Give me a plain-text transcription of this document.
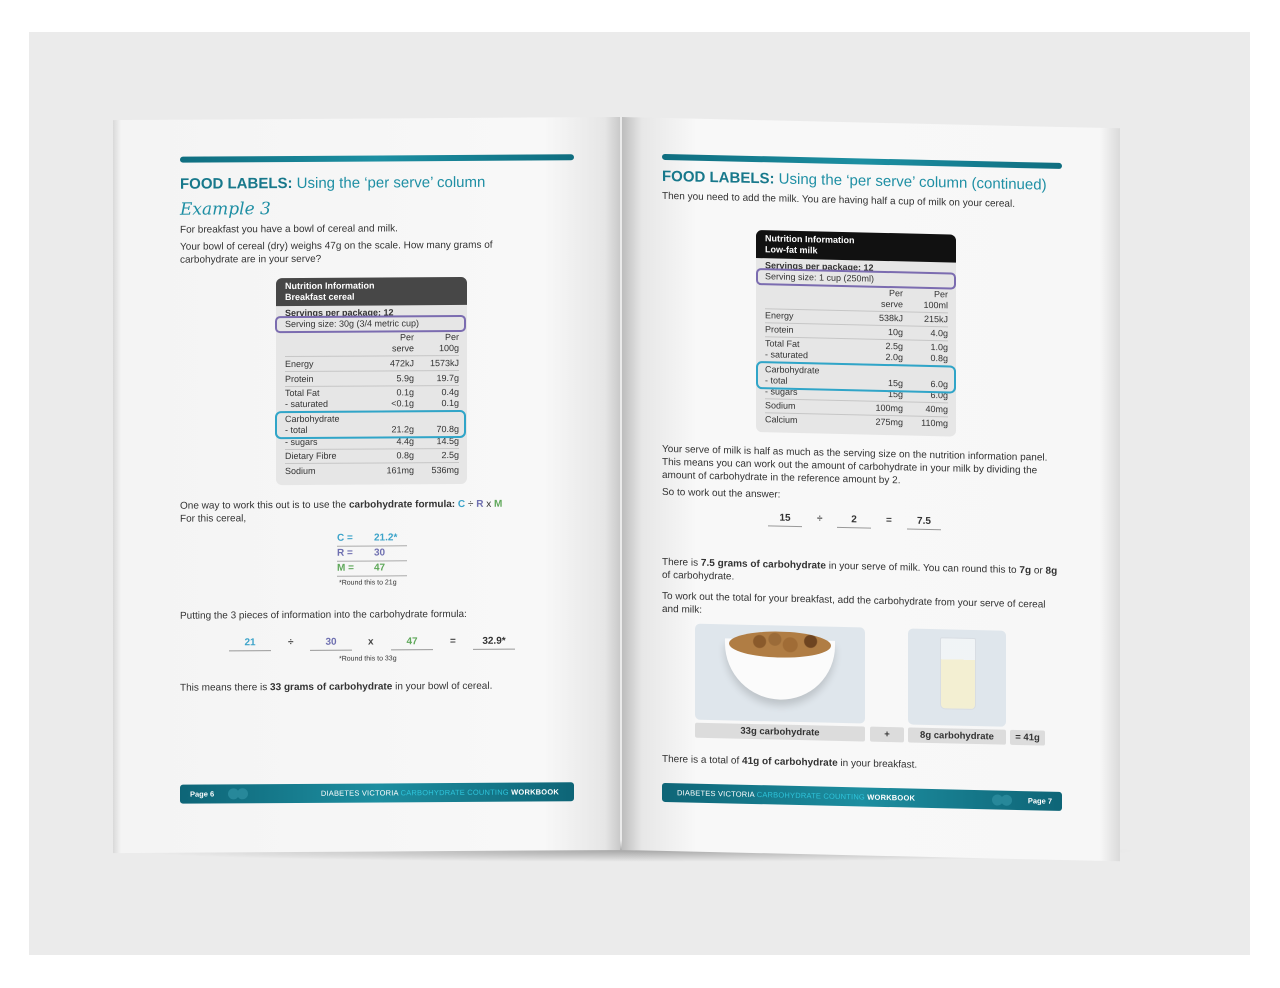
FOOD LABELS: Using the ‘per serve’ column
Example 3
For breakfast you have a bowl of cereal and milk.
Your bowl of cereal (dry) weighs 47g on the scale. How many grams of carbohydrate are in your serve?
Nutrition Information
Breakfast cereal
Servings per package: 12
Serving size: 30g (3/4 metric cup)
Per	Per
serve	100g
Energy	472kJ 1573kJ
Protein	5.9g 19.7g
Total Fat	0.1g	0.4g
- saturated	<0.1g	0.1g
Carbohydrate
- total	21.2g 70.8g
- sugars	4.4g 14.5g
Dietary Fibre	0.8g	2.5g
Sodium	161mg 536mg
One way to work this out is to use the carbohydrate formula: C ÷ R x M
For this cereal,
C = 21.2*
R = 30
M = 47
*Round this to 21g
Putting the 3 pieces of information into the carbohydrate formula:
21	÷	30	x	47	=	32.9*
*Round this to 33g
This means there is 33 grams of carbohydrate in your bowl of cereal.
Page 6	DIABETES VICTORIA CARBOHYDRATE COUNTING WORKBOOK
FOOD LABELS: Using the ‘per serve’ column (continued)
Then you need to add the milk. You are having half a cup of milk on your cereal.
Nutrition Information
Low-fat milk
Servings per package: 12
Serving size: 1 cup (250ml)
Per	Per
serve 100ml
Energy	538kJ 215kJ
Protein	10g	4.0g
Total Fat	2.5g	1.0g
- saturated	2.0g	0.8g
Carbohydrate
- total	15g	6.0g
- sugars	15g	6.0g
Sodium	100mg 40mg
Calcium	275mg 110mg
Your serve of milk is half as much as the serving size on the nutrition information panel. This means you can work out the amount of carbohydrate in your milk by dividing the amount of carbohydrate in the reference amount by 2.
So to work out the answer:
15	÷	2	=	7.5
There is 7.5 grams of carbohydrate in your serve of milk. You can round this to 7g or 8g of carbohydrate.
To work out the total for your breakfast, add the carbohydrate from your serve of cereal and milk:
33g carbohydrate	+	8g carbohydrate	= 41g
There is a total of 41g of carbohydrate in your breakfast.
DIABETES VICTORIA CARBOHYDRATE COUNTING WORKBOOK	Page 7
